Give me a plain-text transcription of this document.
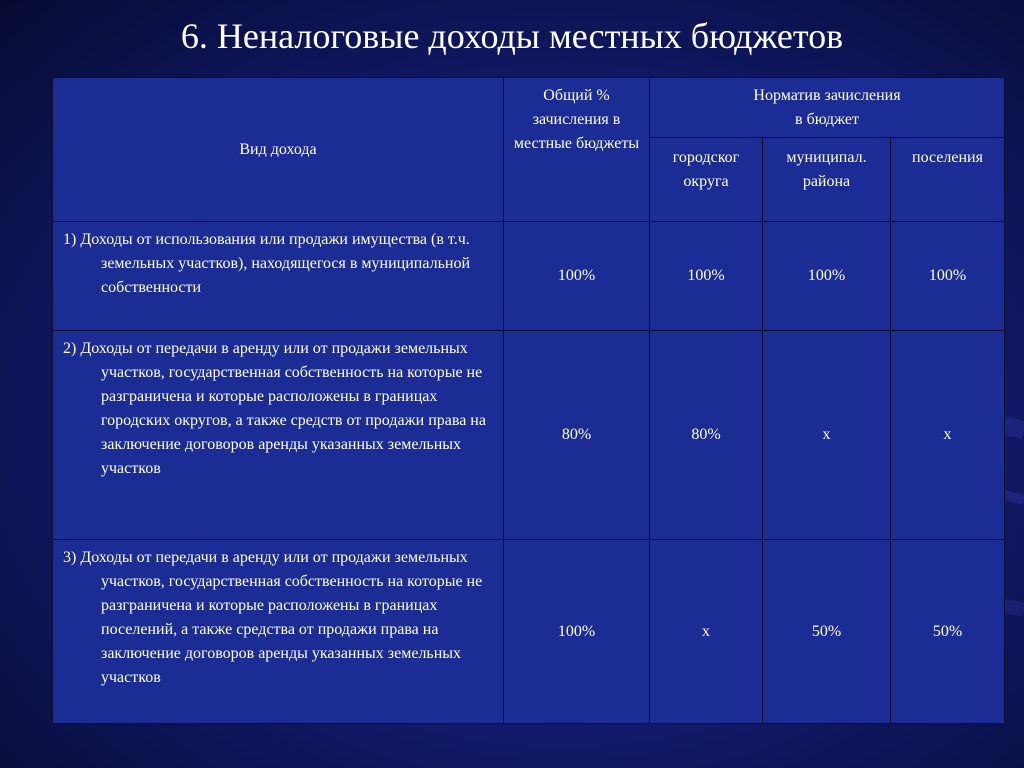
6. Неналоговые доходы местных бюджетов
Вид дохода	Общий % зачисления в местные бюджеты	Норматив зачисления
в бюджет		
		городског округа	муниципал. района	поселения

1) Доходы от использования или продажи имущества (в т.ч. земельных участков), находящегося в муниципальной собственности	100%	100%	100%	100%

2) Доходы от передачи в аренду или от продажи земельных участков, государственная собственность на которые не разграничена и которые расположены в границах городских округов, а также средств от продажи права на заключение договоров аренды указанных земельных участков	80%	80%	х	х

3) Доходы от передачи в аренду или от продажи земельных участков, государственная собственность на которые не разграничена и которые расположены в границах поселений, а также средства от продажи права на заключение договоров аренды указанных земельных участков	100%	х	50%	50%
